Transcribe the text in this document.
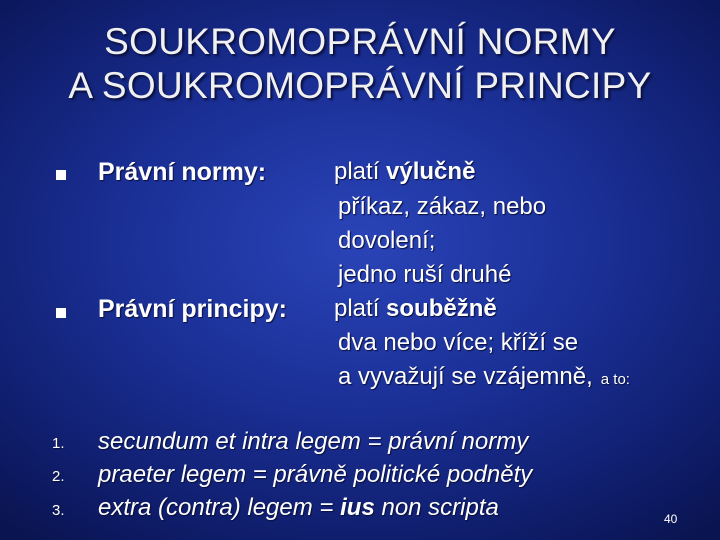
SOUKROMOPRÁVNÍ NORMY
A SOUKROMOPRÁVNÍ PRINCIPY
Právní normy:	platí výlučně
příkaz, zákaz, nebo
dovolení;
jedno ruší druhé
Právní principy: platí souběžně
dva nebo více; kříží se
a vyvažují se vzájemně, a to:
1. secundum et intra legem = právní normy
2. praeter legem = právně politické podněty
3. extra (contra) legem = ius non scripta	40
